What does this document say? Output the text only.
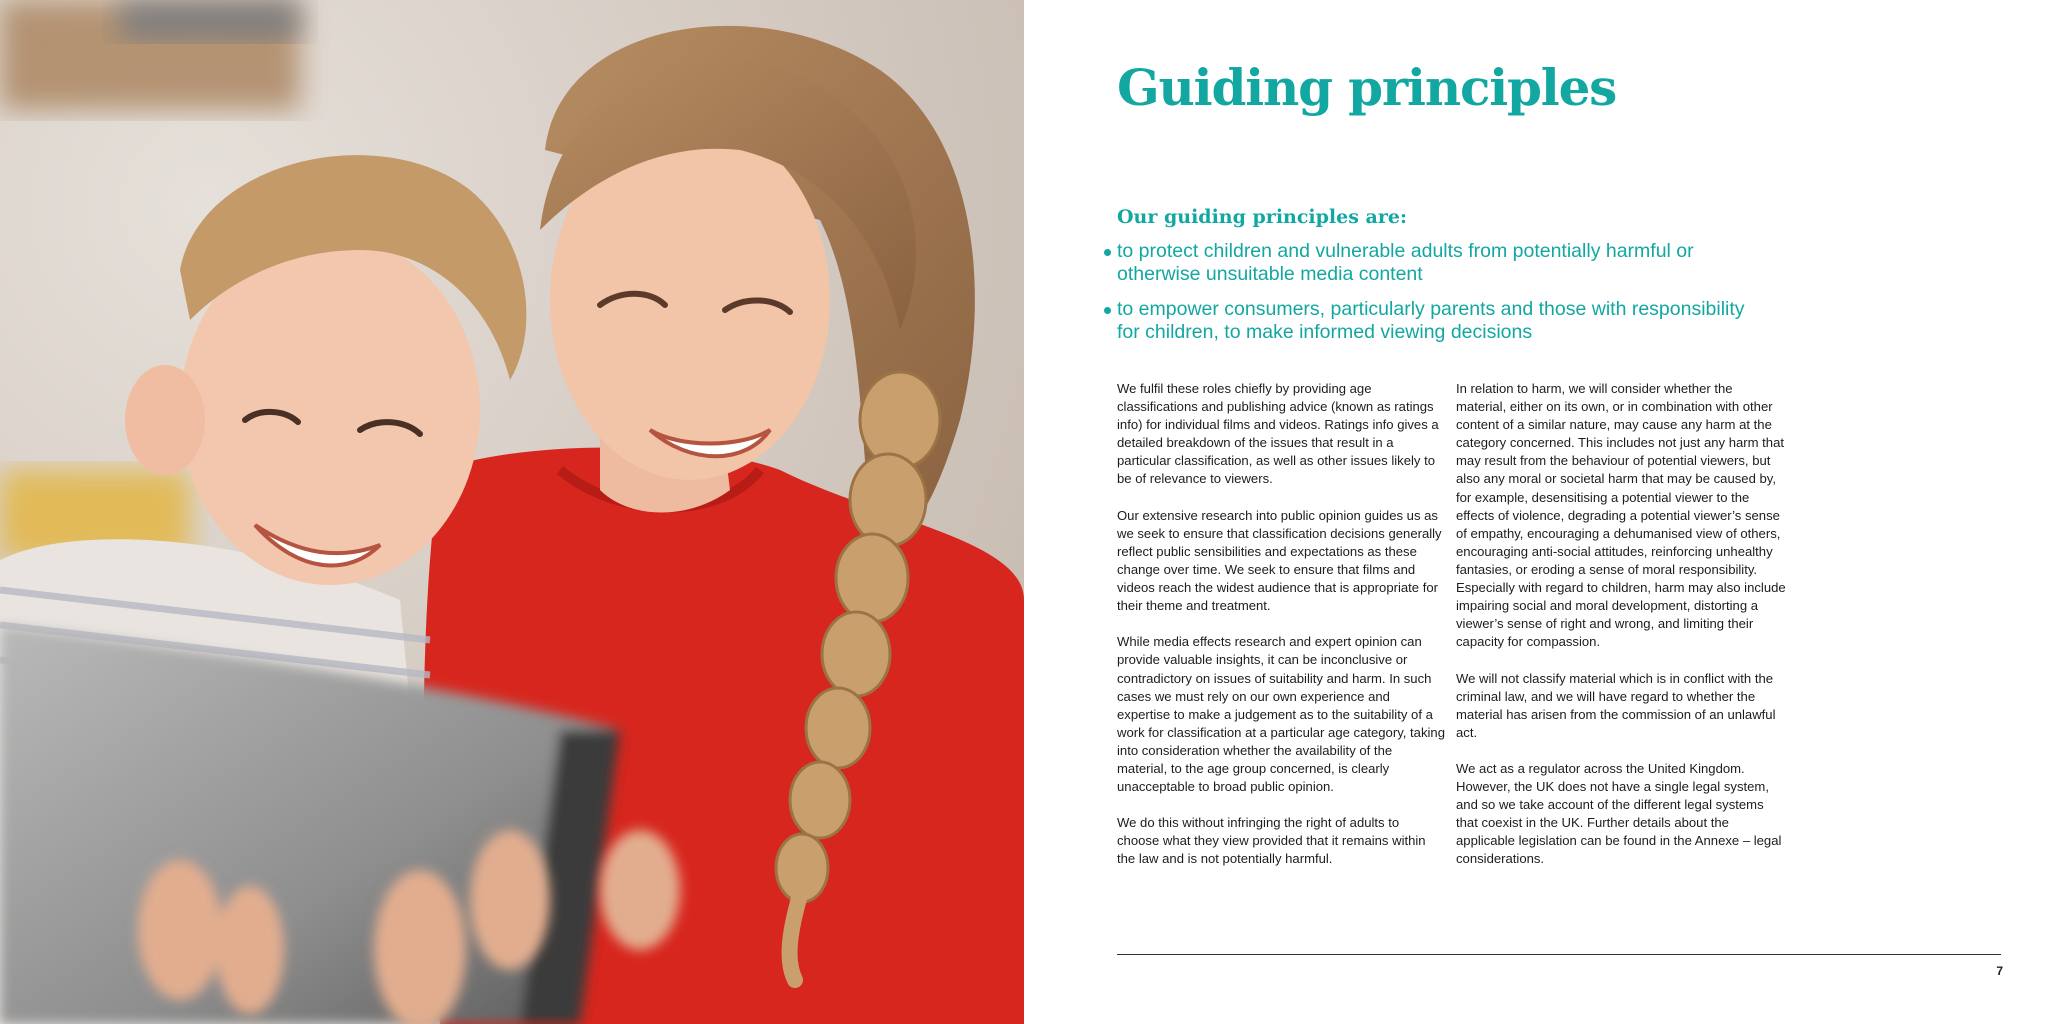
Guiding principles
Our guiding principles are:
to protect children and vulnerable adults from potentially harmful or otherwise unsuitable media content
to empower consumers, particularly parents and those with responsibility for children, to make informed viewing decisions

We fulfil these roles chiefly by providing age classifications and publishing advice (known as ratings info) for individual films and videos. Ratings info gives a detailed breakdown of the issues that result in a particular classification, as well as other issues likely to be of relevance to viewers.

Our extensive research into public opinion guides us as we seek to ensure that classification decisions generally reflect public sensibilities and expectations as these change over time. We seek to ensure that films and videos reach the widest audience that is appropriate for their theme and treatment.

While media effects research and expert opinion can provide valuable insights, it can be inconclusive or contradictory on issues of suitability and harm. In such cases we must rely on our own experience and expertise to make a judgement as to the suitability of a work for classification at a particular age category, taking into consideration whether the availability of the material, to the age group concerned, is clearly unacceptable to broad public opinion.

We do this without infringing the right of adults to choose what they view provided that it remains within the law and is not potentially harmful.

In relation to harm, we will consider whether the material, either on its own, or in combination with other content of a similar nature, may cause any harm at the category concerned. This includes not just any harm that may result from the behaviour of potential viewers, but also any moral or societal harm that may be caused by, for example, desensitising a potential viewer to the effects of violence, degrading a potential viewer’s sense of empathy, encouraging a dehumanised view of others, encouraging anti-social attitudes, reinforcing unhealthy fantasies, or eroding a sense of moral responsibility. Especially with regard to children, harm may also include impairing social and moral development, distorting a viewer’s sense of right and wrong, and limiting their capacity for compassion.

We will not classify material which is in conflict with the criminal law, and we will have regard to whether the material has arisen from the commission of an unlawful act.

We act as a regulator across the United Kingdom. However, the UK does not have a single legal system, and so we take account of the different legal systems that coexist in the UK. Further details about the applicable legislation can be found in the Annexe – legal considerations.

7
